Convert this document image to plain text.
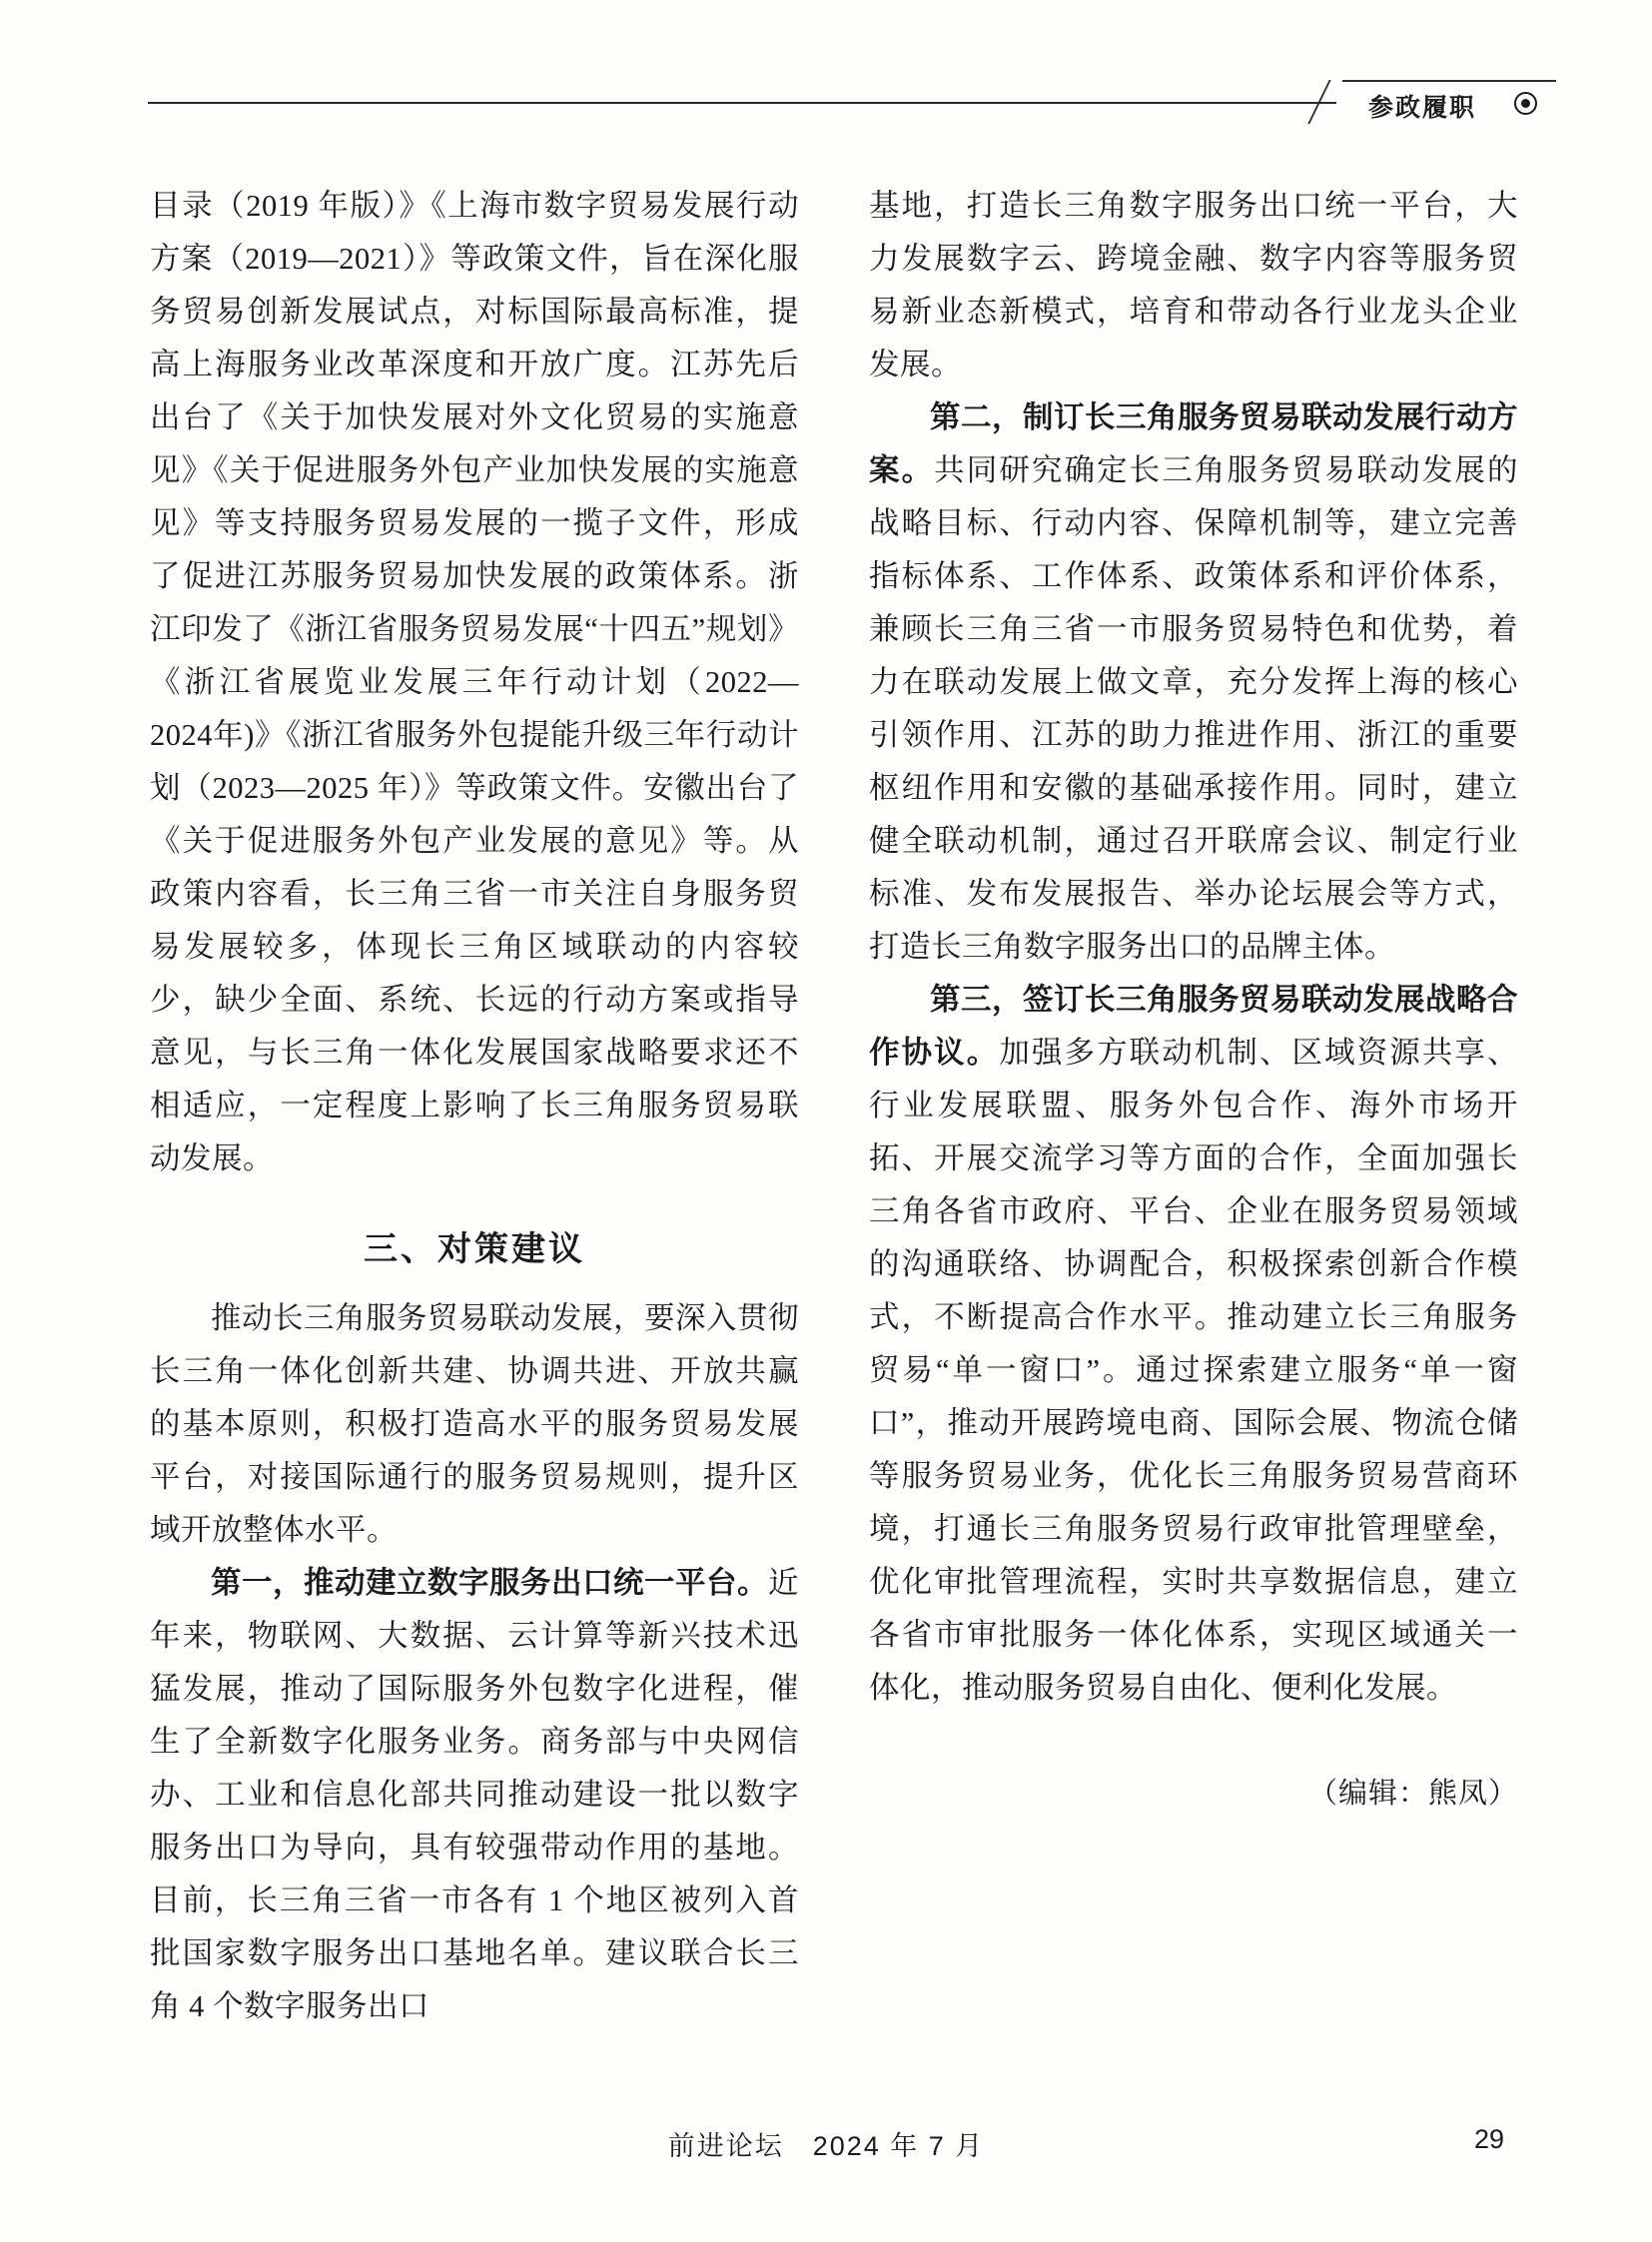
参政履职

目录（2019 年版）》《上海市数字贸易发展行动方案（2019—2021）》等政策文件，旨在深化服务贸易创新发展试点，对标国际最高标准，提高上海服务业改革深度和开放广度。江苏先后出台了《关于加快发展对外文化贸易的实施意见》《关于促进服务外包产业加快发展的实施意见》等支持服务贸易发展的一揽子文件，形成了促进江苏服务贸易加快发展的政策体系。浙江印发了《浙江省服务贸易发展“十四五”规划》《浙江省展览业发展三年行动计划（2022—2024年)》《浙江省服务外包提能升级三年行动计划（2023—2025 年）》等政策文件。安徽出台了《关于促进服务外包产业发展的意见》等。从政策内容看，长三角三省一市关注自身服务贸易发展较多，体现长三角区域联动的内容较少，缺少全面、系统、长远的行动方案或指导意见，与长三角一体化发展国家战略要求还不相适应，一定程度上影响了长三角服务贸易联动发展。

三、对策建议

推动长三角服务贸易联动发展，要深入贯彻长三角一体化创新共建、协调共进、开放共赢的基本原则，积极打造高水平的服务贸易发展平台，对接国际通行的服务贸易规则，提升区域开放整体水平。

第一，推动建立数字服务出口统一平台。近年来，物联网、大数据、云计算等新兴技术迅猛发展，推动了国际服务外包数字化进程，催生了全新数字化服务业务。商务部与中央网信办、工业和信息化部共同推动建设一批以数字服务出口为导向，具有较强带动作用的基地。目前，长三角三省一市各有 1 个地区被列入首批国家数字服务出口基地名单。建议联合长三角 4 个数字服务出口

基地，打造长三角数字服务出口统一平台，大力发展数字云、跨境金融、数字内容等服务贸易新业态新模式，培育和带动各行业龙头企业发展。

第二，制订长三角服务贸易联动发展行动方案。共同研究确定长三角服务贸易联动发展的战略目标、行动内容、保障机制等，建立完善指标体系、工作体系、政策体系和评价体系，兼顾长三角三省一市服务贸易特色和优势，着力在联动发展上做文章，充分发挥上海的核心引领作用、江苏的助力推进作用、浙江的重要枢纽作用和安徽的基础承接作用。同时，建立健全联动机制，通过召开联席会议、制定行业标准、发布发展报告、举办论坛展会等方式，打造长三角数字服务出口的品牌主体。

第三，签订长三角服务贸易联动发展战略合作协议。加强多方联动机制、区域资源共享、行业发展联盟、服务外包合作、海外市场开拓、开展交流学习等方面的合作，全面加强长三角各省市政府、平台、企业在服务贸易领域的沟通联络、协调配合，积极探索创新合作模式，不断提高合作水平。推动建立长三角服务贸易“单一窗口”。通过探索建立服务“单一窗口”，推动开展跨境电商、国际会展、物流仓储等服务贸易业务，优化长三角服务贸易营商环境，打通长三角服务贸易行政审批管理壁垒，优化审批管理流程，实时共享数据信息，建立各省市审批服务一体化体系，实现区域通关一体化，推动服务贸易自由化、便利化发展。

（编辑：熊凤）

前进论坛　2024 年 7 月	29
